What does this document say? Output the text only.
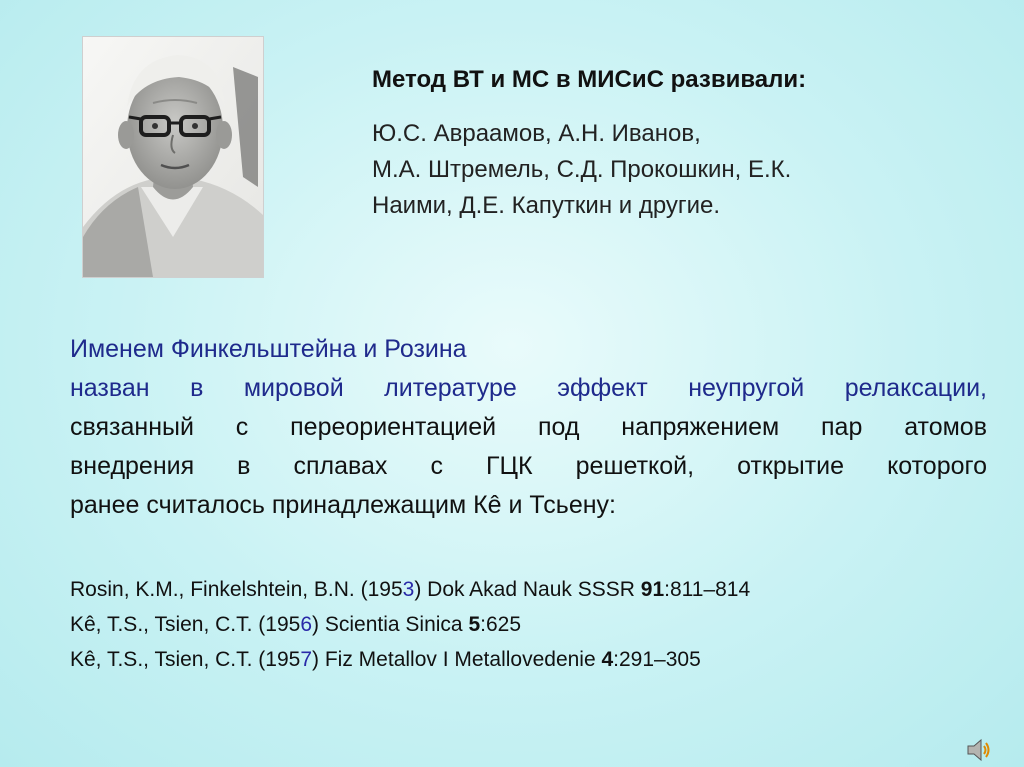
Метод ВТ и МС в МИСиС развивали:

Ю.С. Авраамов, А.Н. Иванов,
М.А. Штремель, С.Д. Прокошкин, Е.К.
Наими, Д.Е. Капуткин и другие.

Именем Финкельштейна и Розина
назван в мировой литературе эффект неупругой релаксации,
связанный с переориентацией под напряжением пар атомов
внедрения в сплавах с ГЦК решеткой, открытие которого
ранее считалось принадлежащим Кê и Тсьену:

Rosin, K.M., Finkelshtein, B.N. (1953) Dok Akad Nauk SSSR 91:811–814
Kê, T.S., Tsien, C.T. (1956) Scientia Sinica 5:625
Kê, T.S., Tsien, C.T. (1957) Fiz Metallov I Metallovedenie 4:291–305
